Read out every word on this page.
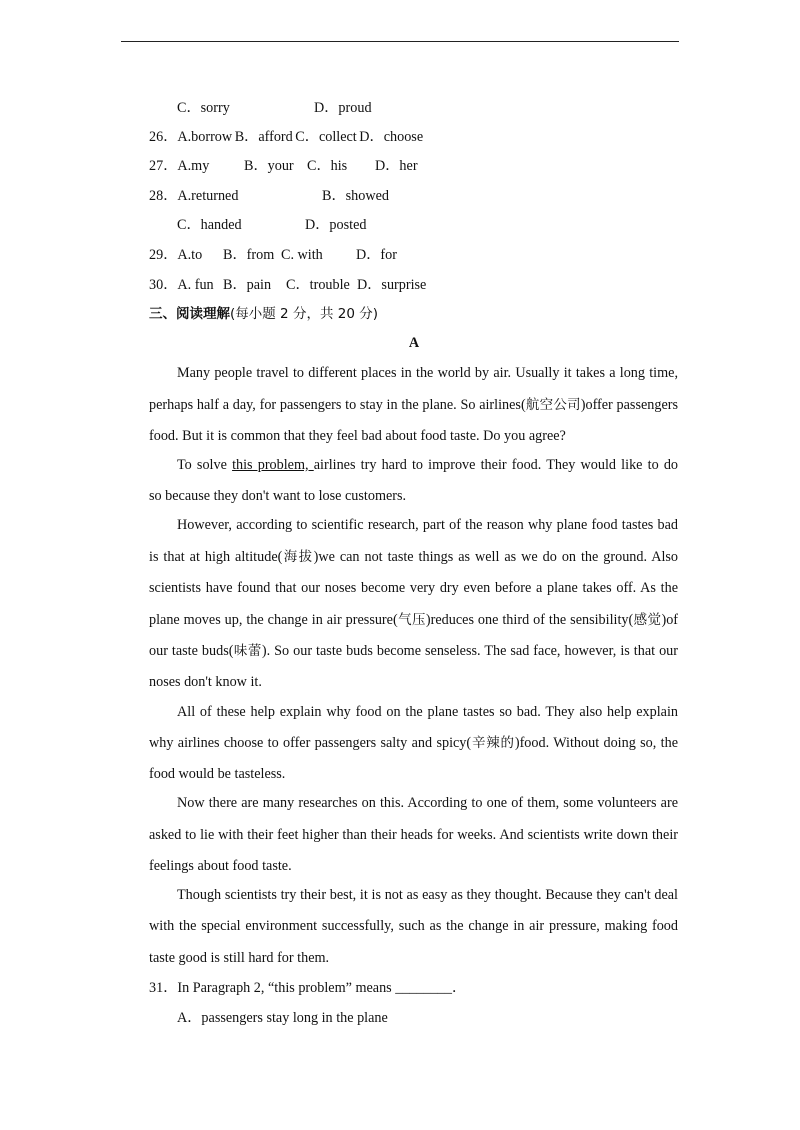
C．sorry	D．proud
26．A.borrow B．afford C．collect D．choose
27．A.my B．your C．his D．her
28．A.returned	B．showed
C．handed	D．posted
29．A.to B．from C. with D．for
30．A. fun B．pain C．trouble D．surprise
三、阅读理解(每小题 2 分，共 20 分)
A
Many people travel to different places in the world by air. Usually it takes a long time,
perhaps half a day, for passengers to stay in the plane. So airlines(航空公司)offer passengers
food. But it is common that they feel bad about food taste. Do you agree?
To solve this problem, airlines try hard to improve their food. They would like to do
so because they don't want to lose customers.
However, according to scientific research, part of the reason why plane food tastes bad
is that at high altitude(海拔)we can not taste things as well as we do on the ground. Also
scientists have found that our noses become very dry even before a plane takes off. As the
plane moves up, the change in air pressure(气压)reduces one third of the sensibility(感觉)of
our taste buds(味蕾). So our taste buds become senseless. The sad face, however, is that our
noses don't know it.
All of these help explain why food on the plane tastes so bad. They also help explain
why airlines choose to offer passengers salty and spicy(辛辣的)food. Without doing so, the
food would be tasteless.
Now there are many researches on this. According to one of them, some volunteers are
asked to lie with their feet higher than their heads for weeks. And scientists write down their
feelings about food taste.
Though scientists try their best, it is not as easy as they thought. Because they can't deal
with the special environment successfully, such as the change in air pressure, making food
taste good is still hard for them.
31．In Paragraph 2, “this problem” means ________．
A．passengers stay long in the plane
